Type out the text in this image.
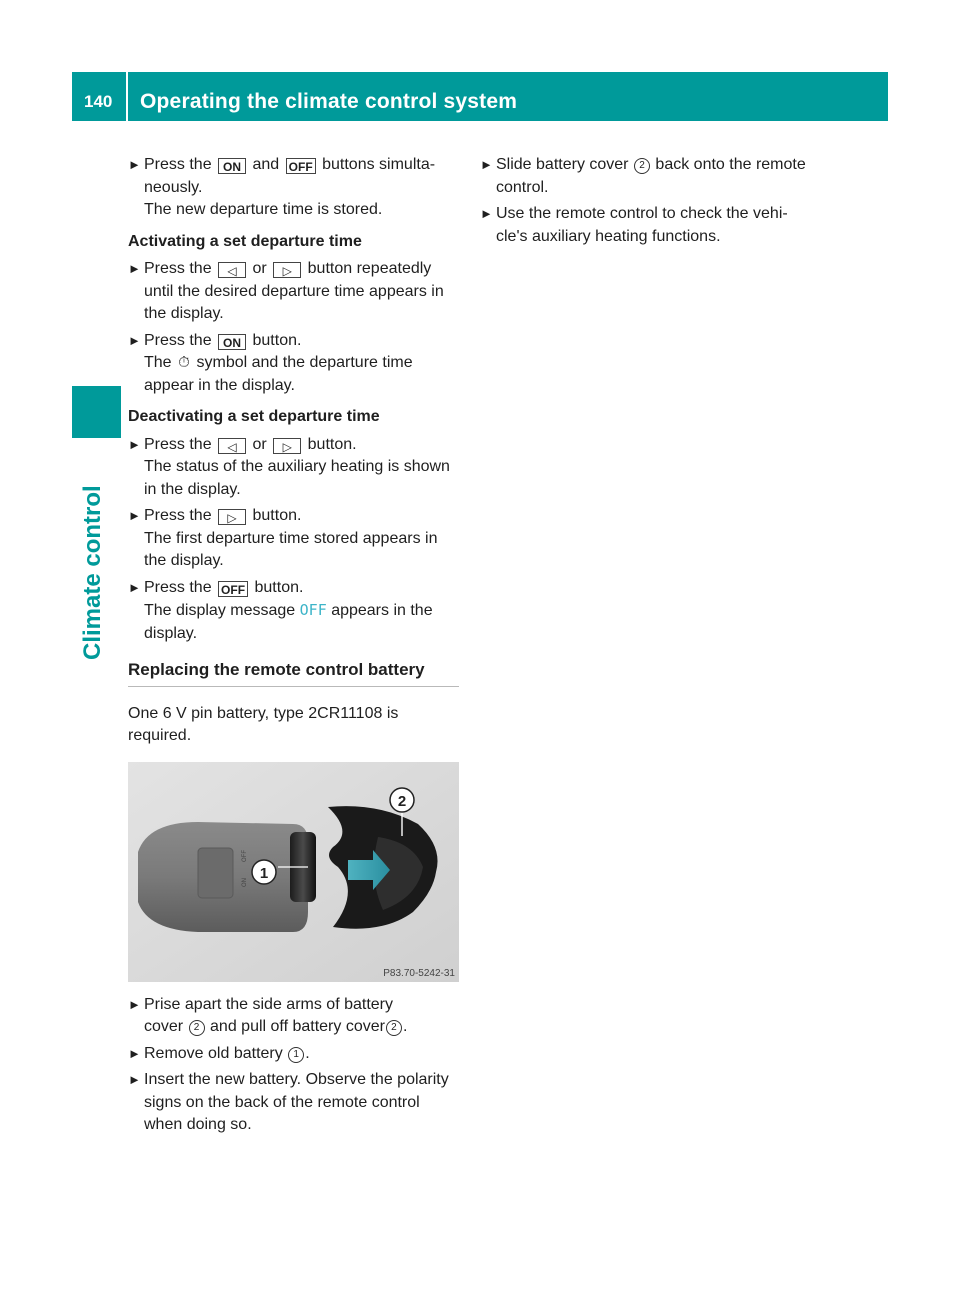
140 Operating the climate control system
Climate control
► Press the ON and OFF buttons simulta-
neously.
The new departure time is stored.
Activating a set departure time
► Press the ◁ or ▷ button repeatedly until the desired departure time appears in the display.
► Press the ON button.
The ⏱ symbol and the departure time
appear in the display.
Deactivating a set departure time
► Press the ◁ or ▷ button.
The status of the auxiliary heating is shown in the display.
► Press the ▷ button.
The first departure time stored appears in the display.
► Press the OFF button.
The display message OFF appears in the
display.
Replacing the remote control battery
One 6 V pin battery, type 2CR11108 is required.
ON
OFF
2
1
P83.70-5242-31
► Prise apart the side arms of battery
cover 2 and pull off battery cover 2 .
► Remove old battery 1 .
► Insert the new battery. Observe the polarity signs on the back of the remote control when doing so.
► Slide battery cover 2 back onto the remote control.
► Use the remote control to check the vehi-cle's auxiliary heating functions.
